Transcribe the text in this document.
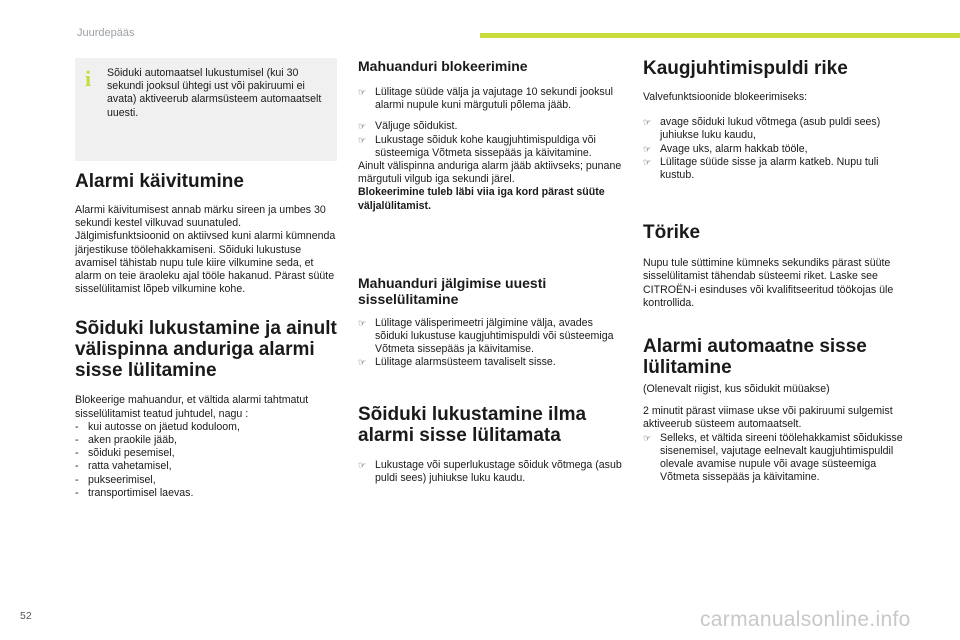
Juurdepääs
i	Sõiduki automaatsel lukustumisel (kui 30 sekundi jooksul ühtegi ust või pakiruumi ei avata) aktiveerub alarmsüsteem automaatselt uuesti.

Alarmi käivitumine

Alarmi käivitumisest annab märku sireen ja umbes 30 sekundi kestel vilkuvad suunatuled. Jälgimisfunktsioonid on aktiivsed kuni alarmi kümnenda järjestikuse töölehakkamiseni. Sõiduki lukustuse avamisel tähistab nupu tule kiire vilkumine seda, et alarm on teie äraoleku ajal tööle hakanud. Pärast süüte sisselülitamist lõpeb vilkumine kohe.

Sõiduki lukustamine ja ainult välispinna anduriga alarmi sisse lülitamine

Blokeerige mahuandur, et vältida alarmi tahtmatut sisselülitamist teatud juhtudel, nagu :

- kui autosse on jäetud koduloom,
- aken praokile jääb,
- sõiduki pesemisel,
- ratta vahetamisel,
- pukseerimisel,
- transportimisel laevas.
Mahuanduri blokeerimine
☞ Lülitage süüde välja ja vajutage 10 sekundi jooksul alarmi nupule kuni märgutuli põlema jääb.
☞ Väljuge sõidukist.
☞ Lukustage sõiduk kohe kaugjuhtimispuldiga või süsteemiga Võtmeta sissepääs ja käivitamine.

Ainult välispinna anduriga alarm jääb aktiivseks; punane märgutuli vilgub iga sekundi järel.

Blokeerimine tuleb läbi viia iga kord pärast süüte väljalülitamist.

Mahuanduri jälgimise uuesti sisselülitamine
☞ Lülitage välisperimeetri jälgimine välja, avades sõiduki lukustuse kaugjuhtimispuldi või süsteemiga Võtmeta sissepääs ja käivitamise.
☞ Lülitage alarmsüsteem tavaliselt sisse.
Sõiduki lukustamine ilma alarmi sisse lülitamata
☞ Lukustage või superlukustage sõiduk võtmega (asub puldi sees) juhiukse luku kaudu.
Kaugjuhtimispuldi rike

Valvefunktsioonide blokeerimiseks:

☞ avage sõiduki lukud võtmega (asub puldi sees) juhiukse luku kaudu,
☞ Avage uks, alarm hakkab tööle,
☞ Lülitage süüde sisse ja alarm katkeb. Nupu tuli kustub.
Törike

Nupu tule süttimine kümneks sekundiks pärast süüte sisselülitamist tähendab süsteemi riket. Laske see CITROËN-i esinduses või kvalifitseeritud töökojas üle kontrollida.

Alarmi automaatne sisse lülitamine

(Olenevalt riigist, kus sõidukit müüakse)

2 minutit pärast viimase ukse või pakiruumi sulgemist aktiveerub süsteem automaatselt.

☞ Selleks, et vältida sireeni töölehakkamist sõidukisse sisenemisel, vajutage eelnevalt kaugjuhtimispuldil olevale avamise nupule või avage süsteemiga Võtmeta sissepääs ja käivitamine.
52	carmanualsonline.info
